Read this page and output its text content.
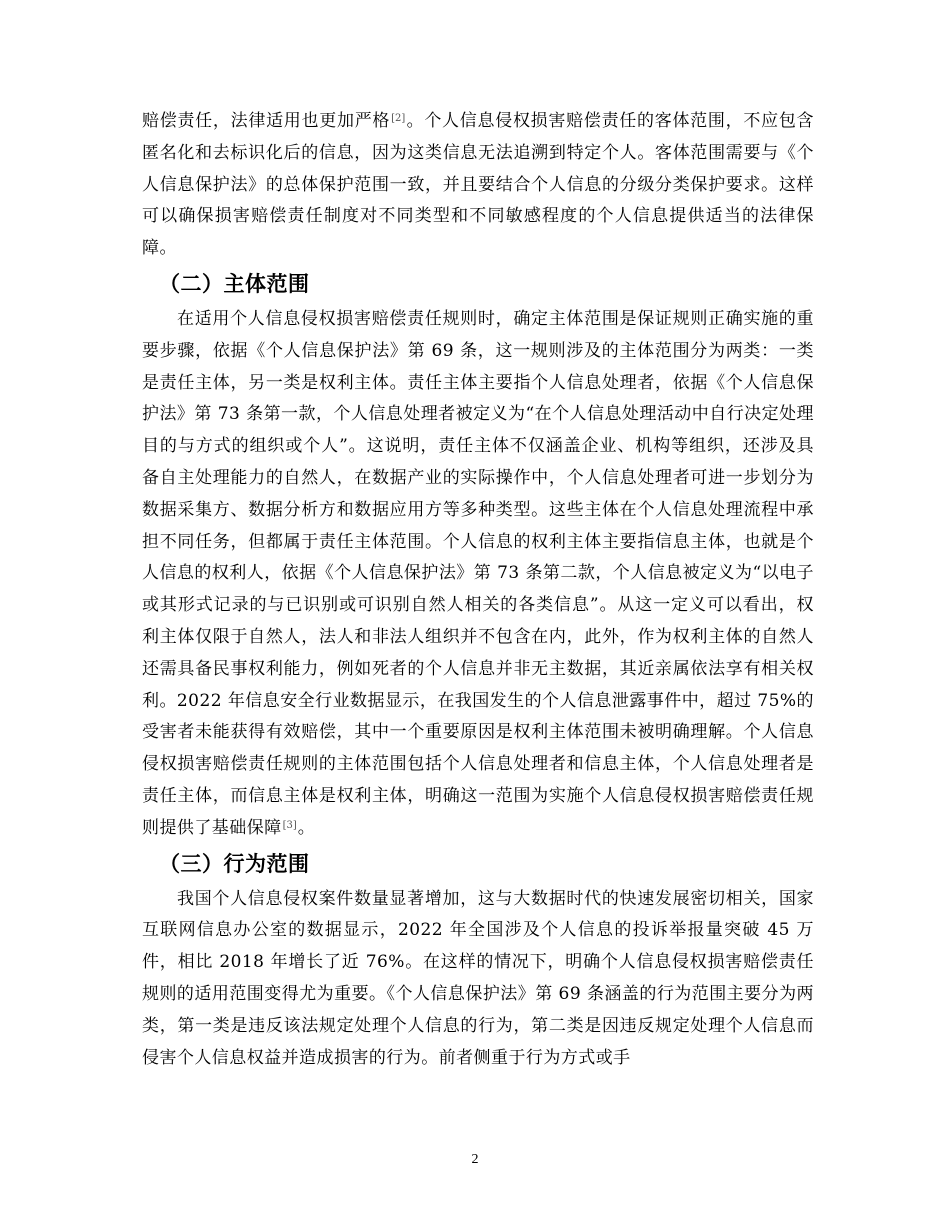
赔偿责任，法律适用也更加严格[2]。个人信息侵权损害赔偿责任的客体范围，不应包含匿名化和去标识化后的信息，因为这类信息无法追溯到特定个人。客体范围需要与《个人信息保护法》的总体保护范围一致，并且要结合个人信息的分级分类保护要求。这样可以确保损害赔偿责任制度对不同类型和不同敏感程度的个人信息提供适当的法律保障。

（二）主体范围

在适用个人信息侵权损害赔偿责任规则时，确定主体范围是保证规则正确实施的重要步骤，依据《个人信息保护法》第 69 条，这一规则涉及的主体范围分为两类：一类是责任主体，另一类是权利主体。责任主体主要指个人信息处理者，依据《个人信息保护法》第 73 条第一款，个人信息处理者被定义为“在个人信息处理活动中自行决定处理目的与方式的组织或个人”。这说明，责任主体不仅涵盖企业、机构等组织，还涉及具备自主处理能力的自然人，在数据产业的实际操作中，个人信息处理者可进一步划分为数据采集方、数据分析方和数据应用方等多种类型。这些主体在个人信息处理流程中承担不同任务，但都属于责任主体范围。个人信息的权利主体主要指信息主体，也就是个人信息的权利人，依据《个人信息保护法》第 73 条第二款，个人信息被定义为“以电子或其形式记录的与已识别或可识别自然人相关的各类信息”。从这一定义可以看出，权利主体仅限于自然人，法人和非法人组织并不包含在内，此外，作为权利主体的自然人还需具备民事权利能力，例如死者的个人信息并非无主数据，其近亲属依法享有相关权利。2022 年信息安全行业数据显示，在我国发生的个人信息泄露事件中，超过 75%的受害者未能获得有效赔偿，其中一个重要原因是权利主体范围未被明确理解。个人信息侵权损害赔偿责任规则的主体范围包括个人信息处理者和信息主体，个人信息处理者是责任主体，而信息主体是权利主体，明确这一范围为实施个人信息侵权损害赔偿责任规则提供了基础保障[3]。

（三）行为范围

我国个人信息侵权案件数量显著增加，这与大数据时代的快速发展密切相关，国家互联网信息办公室的数据显示，2022 年全国涉及个人信息的投诉举报量突破 45 万件，相比 2018 年增长了近 76%。在这样的情况下，明确个人信息侵权损害赔偿责任规则的适用范围变得尤为重要。《个人信息保护法》第 69 条涵盖的行为范围主要分为两类，第一类是违反该法规定处理个人信息的行为，第二类是因违反规定处理个人信息而侵害个人信息权益并造成损害的行为。前者侧重于行为方式或手

2
